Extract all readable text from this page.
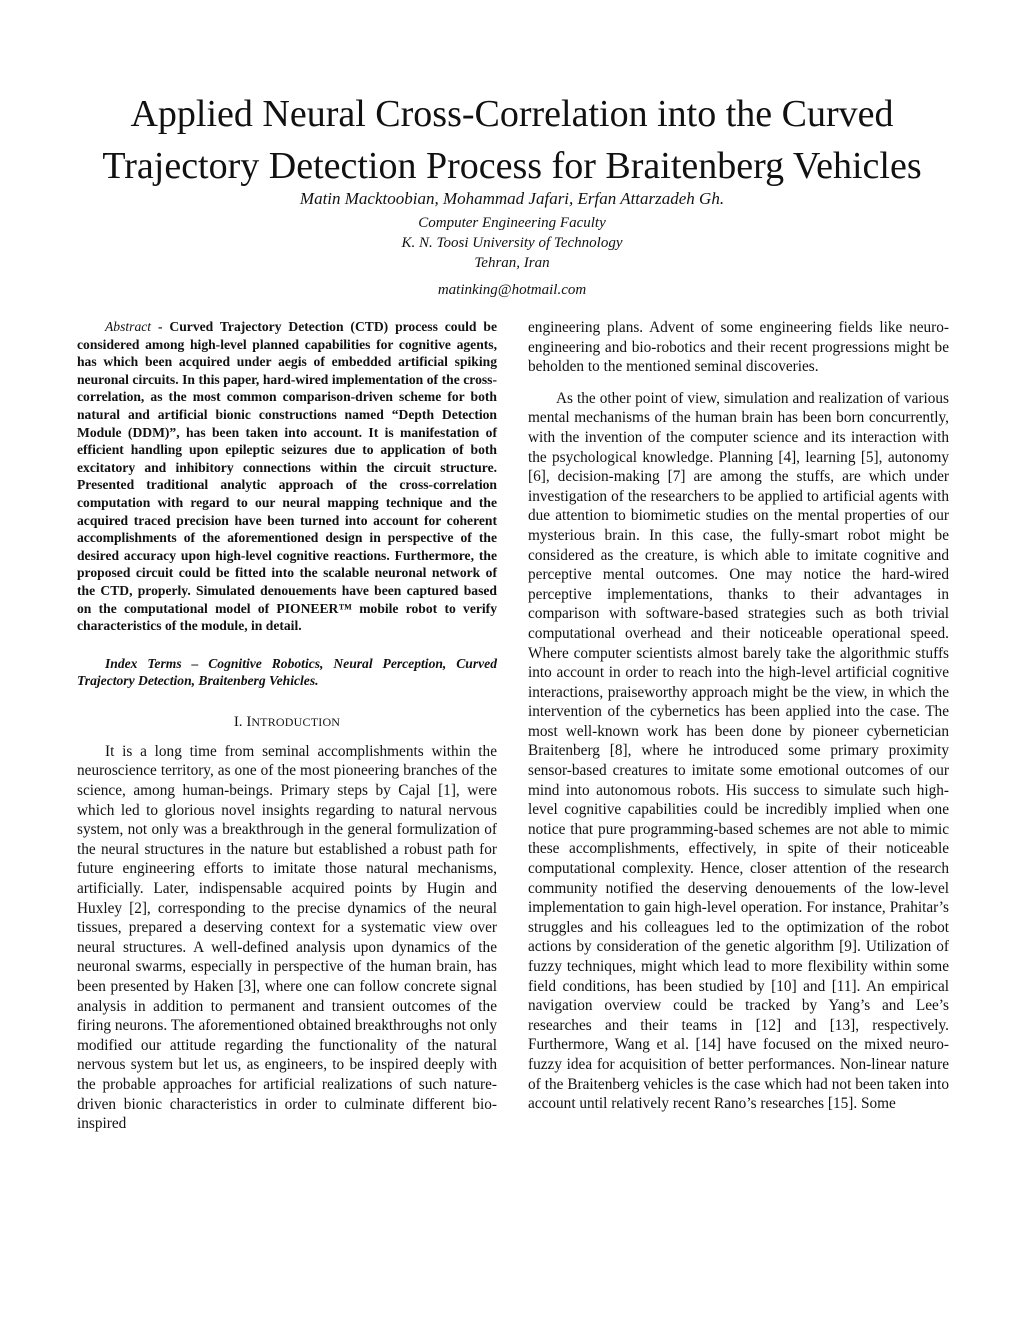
Applied Neural Cross-Correlation into the Curved
Trajectory Detection Process for Braitenberg Vehicles
Matin Macktoobian, Mohammad Jafari, Erfan Attarzadeh Gh.
Computer Engineering Faculty
K. N. Toosi University of Technology
Tehran, Iran
matinking@hotmail.com

Abstract - Curved Trajectory Detection (CTD) process could be considered among high-level planned capabilities for cognitive agents, has which been acquired under aegis of embedded artificial spiking neuronal circuits. In this paper, hard-wired implementation of the cross-correlation, as the most common comparison-driven scheme for both natural and artificial bionic constructions named “Depth Detection Module (DDM)”, has been taken into account. It is manifestation of efficient handling upon epileptic seizures due to application of both excitatory and inhibitory connections within the circuit structure. Presented traditional analytic approach of the cross-correlation computation with regard to our neural mapping technique and the acquired traced precision have been turned into account for coherent accomplishments of the aforementioned design in perspective of the desired accuracy upon high-level cognitive reactions. Furthermore, the proposed circuit could be fitted into the scalable neuronal network of the CTD, properly. Simulated denouements have been captured based on the computational model of PIONEER™ mobile robot to verify characteristics of the module, in detail.

Index Terms – Cognitive Robotics, Neural Perception, Curved Trajectory Detection, Braitenberg Vehicles.

I. INTRODUCTION

It is a long time from seminal accomplishments within the neuroscience territory, as one of the most pioneering branches of the science, among human-beings. Primary steps by Cajal [1], were which led to glorious novel insights regarding to natural nervous system, not only was a breakthrough in the general formulization of the neural structures in the nature but established a robust path for future engineering efforts to imitate those natural mechanisms, artificially. Later, indispensable acquired points by Hugin and Huxley [2], corresponding to the precise dynamics of the neural tissues, prepared a deserving context for a systematic view over neural structures. A well-defined analysis upon dynamics of the neuronal swarms, especially in perspective of the human brain, has been presented by Haken [3], where one can follow concrete signal analysis in addition to permanent and transient outcomes of the firing neurons. The aforementioned obtained breakthroughs not only modified our attitude regarding the functionality of the natural nervous system but let us, as engineers, to be inspired deeply with the probable approaches for artificial realizations of such nature-driven bionic characteristics in order to culminate different bio-inspired

engineering plans. Advent of some engineering fields like neuro-engineering and bio-robotics and their recent progressions might be beholden to the mentioned seminal discoveries.

As the other point of view, simulation and realization of various mental mechanisms of the human brain has been born concurrently, with the invention of the computer science and its interaction with the psychological knowledge. Planning [4], learning [5], autonomy [6], decision-making [7] are among the stuffs, are which under investigation of the researchers to be applied to artificial agents with due attention to biomimetic studies on the mental properties of our mysterious brain. In this case, the fully-smart robot might be considered as the creature, is which able to imitate cognitive and perceptive mental outcomes. One may notice the hard-wired perceptive implementations, thanks to their advantages in comparison with software-based strategies such as both trivial computational overhead and their noticeable operational speed. Where computer scientists almost barely take the algorithmic stuffs into account in order to reach into the high-level artificial cognitive interactions, praiseworthy approach might be the view, in which the intervention of the cybernetics has been applied into the case. The most well-known work has been done by pioneer cybernetician Braitenberg [8], where he introduced some primary proximity sensor-based creatures to imitate some emotional outcomes of our mind into autonomous robots. His success to simulate such high-level cognitive capabilities could be incredibly implied when one notice that pure programming-based schemes are not able to mimic these accomplishments, effectively, in spite of their noticeable computational complexity. Hence, closer attention of the research community notified the deserving denouements of the low-level implementation to gain high-level operation. For instance, Prahitar’s struggles and his colleagues led to the optimization of the robot actions by consideration of the genetic algorithm [9]. Utilization of fuzzy techniques, might which lead to more flexibility within some field conditions, has been studied by [10] and [11]. An empirical navigation overview could be tracked by Yang’s and Lee’s researches and their teams in [12] and [13], respectively. Furthermore, Wang et al. [14] have focused on the mixed neuro-fuzzy idea for acquisition of better performances. Non-linear nature of the Braitenberg vehicles is the case which had not been taken into account until relatively recent Rano’s researches [15]. Some
